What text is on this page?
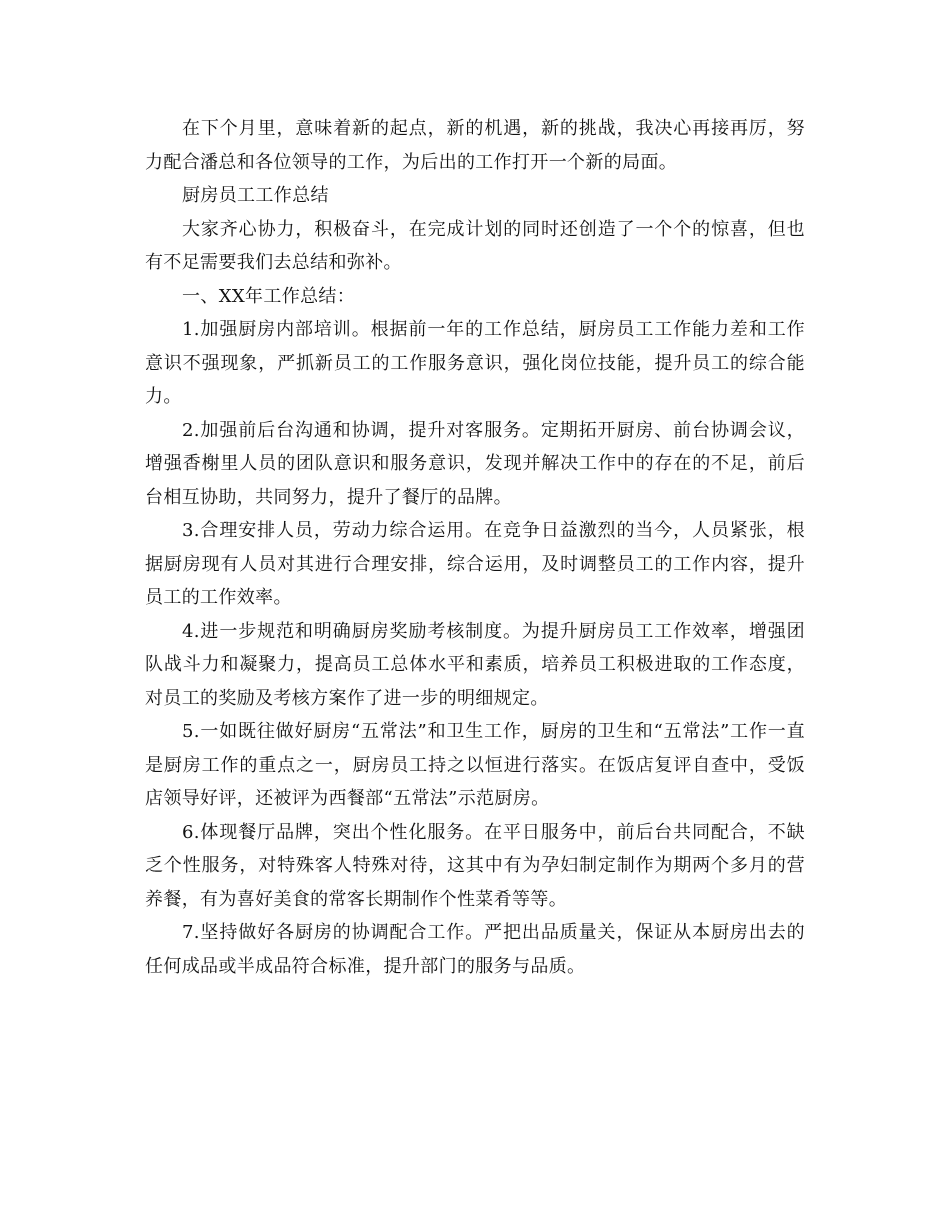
在下个月里，意味着新的起点，新的机遇，新的挑战，我决心再接再厉，努力配合潘总和各位领导的工作，为后出的工作打开一个新的局面。

厨房员工工作总结

大家齐心协力，积极奋斗，在完成计划的同时还创造了一个个的惊喜，但也有不足需要我们去总结和弥补。

一、XX年工作总结：

1.加强厨房内部培训。根据前一年的工作总结，厨房员工工作能力差和工作意识不强现象，严抓新员工的工作服务意识，强化岗位技能，提升员工的综合能力。

2.加强前后台沟通和协调，提升对客服务。定期拓开厨房、前台协调会议，增强香榭里人员的团队意识和服务意识，发现并解决工作中的存在的不足，前后台相互协助，共同努力，提升了餐厅的品牌。

3.合理安排人员，劳动力综合运用。在竞争日益激烈的当今，人员紧张，根据厨房现有人员对其进行合理安排，综合运用，及时调整员工的工作内容，提升员工的工作效率。

4.进一步规范和明确厨房奖励考核制度。为提升厨房员工工作效率，增强团队战斗力和凝聚力，提高员工总体水平和素质，培养员工积极进取的工作态度，对员工的奖励及考核方案作了进一步的明细规定。

5.一如既往做好厨房“五常法”和卫生工作，厨房的卫生和“五常法”工作一直是厨房工作的重点之一，厨房员工持之以恒进行落实。在饭店复评自查中，受饭店领导好评，还被评为西餐部“五常法”示范厨房。

6.体现餐厅品牌，突出个性化服务。在平日服务中，前后台共同配合，不缺乏个性服务，对特殊客人特殊对待，这其中有为孕妇制定制作为期两个多月的营养餐，有为喜好美食的常客长期制作个性菜肴等等。

7.坚持做好各厨房的协调配合工作。严把出品质量关，保证从本厨房出去的任何成品或半成品符合标准，提升部门的服务与品质。
